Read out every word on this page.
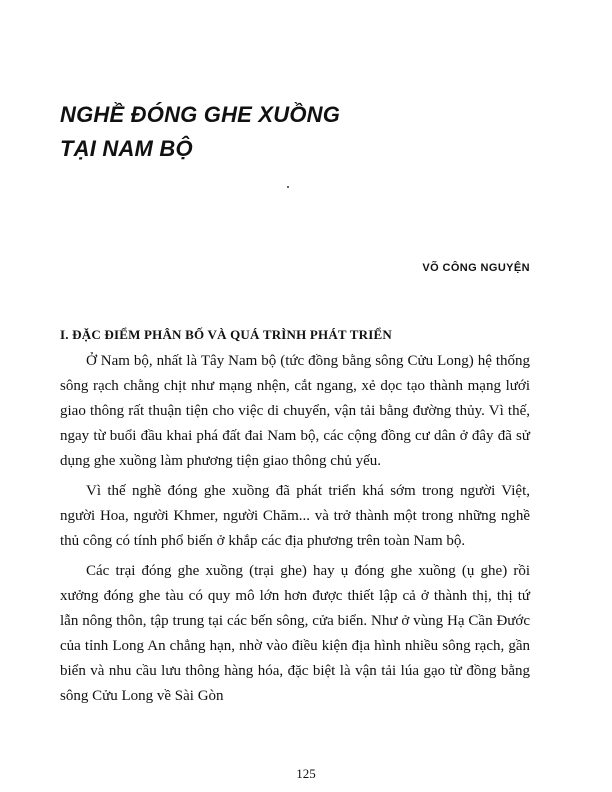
NGHỀ ĐÓNG GHE XUỒNG
TẠI NAM BỘ
VÕ CÔNG NGUYỆN
I. ĐẶC ĐIỂM PHÂN BỐ VÀ QUÁ TRÌNH PHÁT TRIỂN

Ở Nam bộ, nhất là Tây Nam bộ (tức đồng bằng sông Cửu Long) hệ thống sông rạch chằng chịt như mạng nhện, cắt ngang, xẻ dọc tạo thành mạng lưới giao thông rất thuận tiện cho việc di chuyển, vận tải bằng đường thủy. Vì thế, ngay từ buổi đầu khai phá đất đai Nam bộ, các cộng đồng cư dân ở đây đã sử dụng ghe xuồng làm phương tiện giao thông chủ yếu.

Vì thế nghề đóng ghe xuồng đã phát triển khá sớm trong người Việt, người Hoa, người Khmer, người Chăm... và trở thành một trong những nghề thủ công có tính phổ biến ở khắp các địa phương trên toàn Nam bộ.

Các trại đóng ghe xuồng (trại ghe) hay ụ đóng ghe xuồng (ụ ghe) rồi xưởng đóng ghe tàu có quy mô lớn hơn được thiết lập cả ở thành thị, thị tứ lẫn nông thôn, tập trung tại các bến sông, cửa biển. Như ở vùng Hạ Cần Đước của tỉnh Long An chẳng hạn, nhờ vào điều kiện địa hình nhiều sông rạch, gần biển và nhu cầu lưu thông hàng hóa, đặc biệt là vận tải lúa gạo từ đồng bằng sông Cửu Long về Sài Gòn

125
